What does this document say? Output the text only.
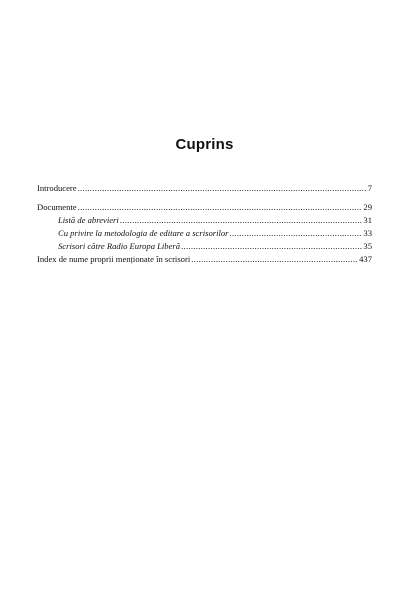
Cuprins
Introducere .....	7
Documente .....	29
Listă de abrevieri .....	31
Cu privire la metodologia de editare a scrisorilor .....	33
Scrisori către Radio Europa Liberă .....	35
Index de nume proprii menționate în scrisori .....	437
